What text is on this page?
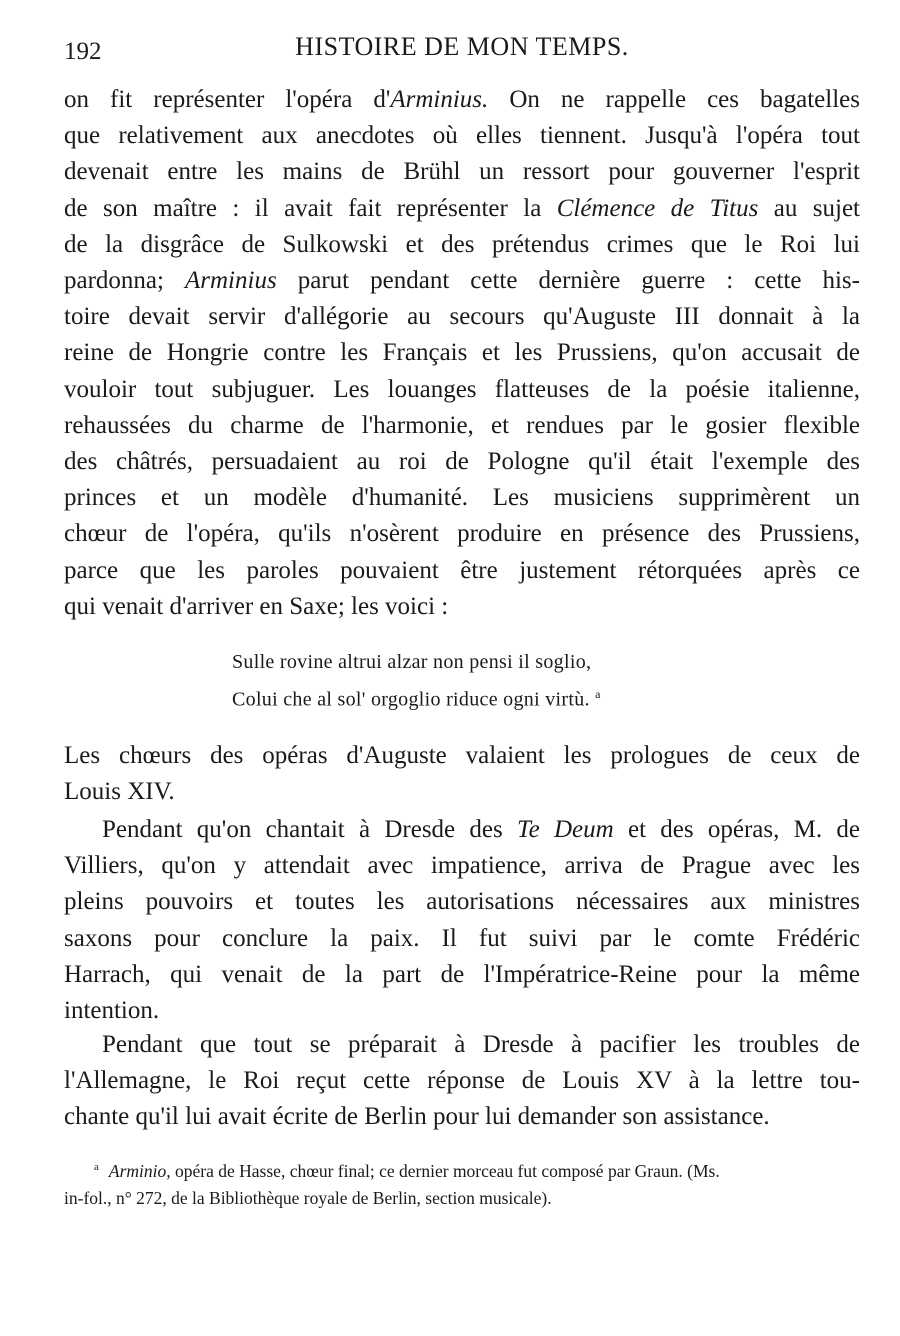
192	HISTOIRE DE MON TEMPS.
on fit représenter l'opéra d'Arminius. On ne rappelle ces bagatelles
que relativement aux anecdotes où elles tiennent. Jusqu'à l'opéra tout
devenait entre les mains de Brühl un ressort pour gouverner l'esprit
de son maître : il avait fait représenter la Clémence de Titus au sujet
de la disgrâce de Sulkowski et des prétendus crimes que le Roi lui
pardonna; Arminius parut pendant cette dernière guerre : cette his-
toire devait servir d'allégorie au secours qu'Auguste III donnait à la
reine de Hongrie contre les Français et les Prussiens, qu'on accusait de
vouloir tout subjuguer. Les louanges flatteuses de la poésie italienne,
rehaussées du charme de l'harmonie, et rendues par le gosier flexible
des châtrés, persuadaient au roi de Pologne qu'il était l'exemple des
princes et un modèle d'humanité. Les musiciens supprimèrent un
chœur de l'opéra, qu'ils n'osèrent produire en présence des Prussiens,
parce que les paroles pouvaient être justement rétorquées après ce
qui venait d'arriver en Saxe; les voici :
Sulle rovine altrui alzar non pensi il soglio,
Colui che al sol' orgoglio riduce ogni virtù. $^a$
Les chœurs des opéras d'Auguste valaient les prologues de ceux de
Louis XIV.
Pendant qu'on chantait à Dresde des Te Deum et des opéras, M. de
Villiers, qu'on y attendait avec impatience, arriva de Prague avec les
pleins pouvoirs et toutes les autorisations nécessaires aux ministres
saxons pour conclure la paix. Il fut suivi par le comte Frédéric
Harrach, qui venait de la part de l'Impératrice-Reine pour la même
intention.
Pendant que tout se préparait à Dresde à pacifier les troubles de
l'Allemagne, le Roi reçut cette réponse de Louis XV à la lettre tou-
chante qu'il lui avait écrite de Berlin pour lui demander son assistance.
$^a$ Arminio, opéra de Hasse, chœur final; ce dernier morceau fut composé par Graun. (Ms.
in-fol., n° 272, de la Bibliothèque royale de Berlin, section musicale).
